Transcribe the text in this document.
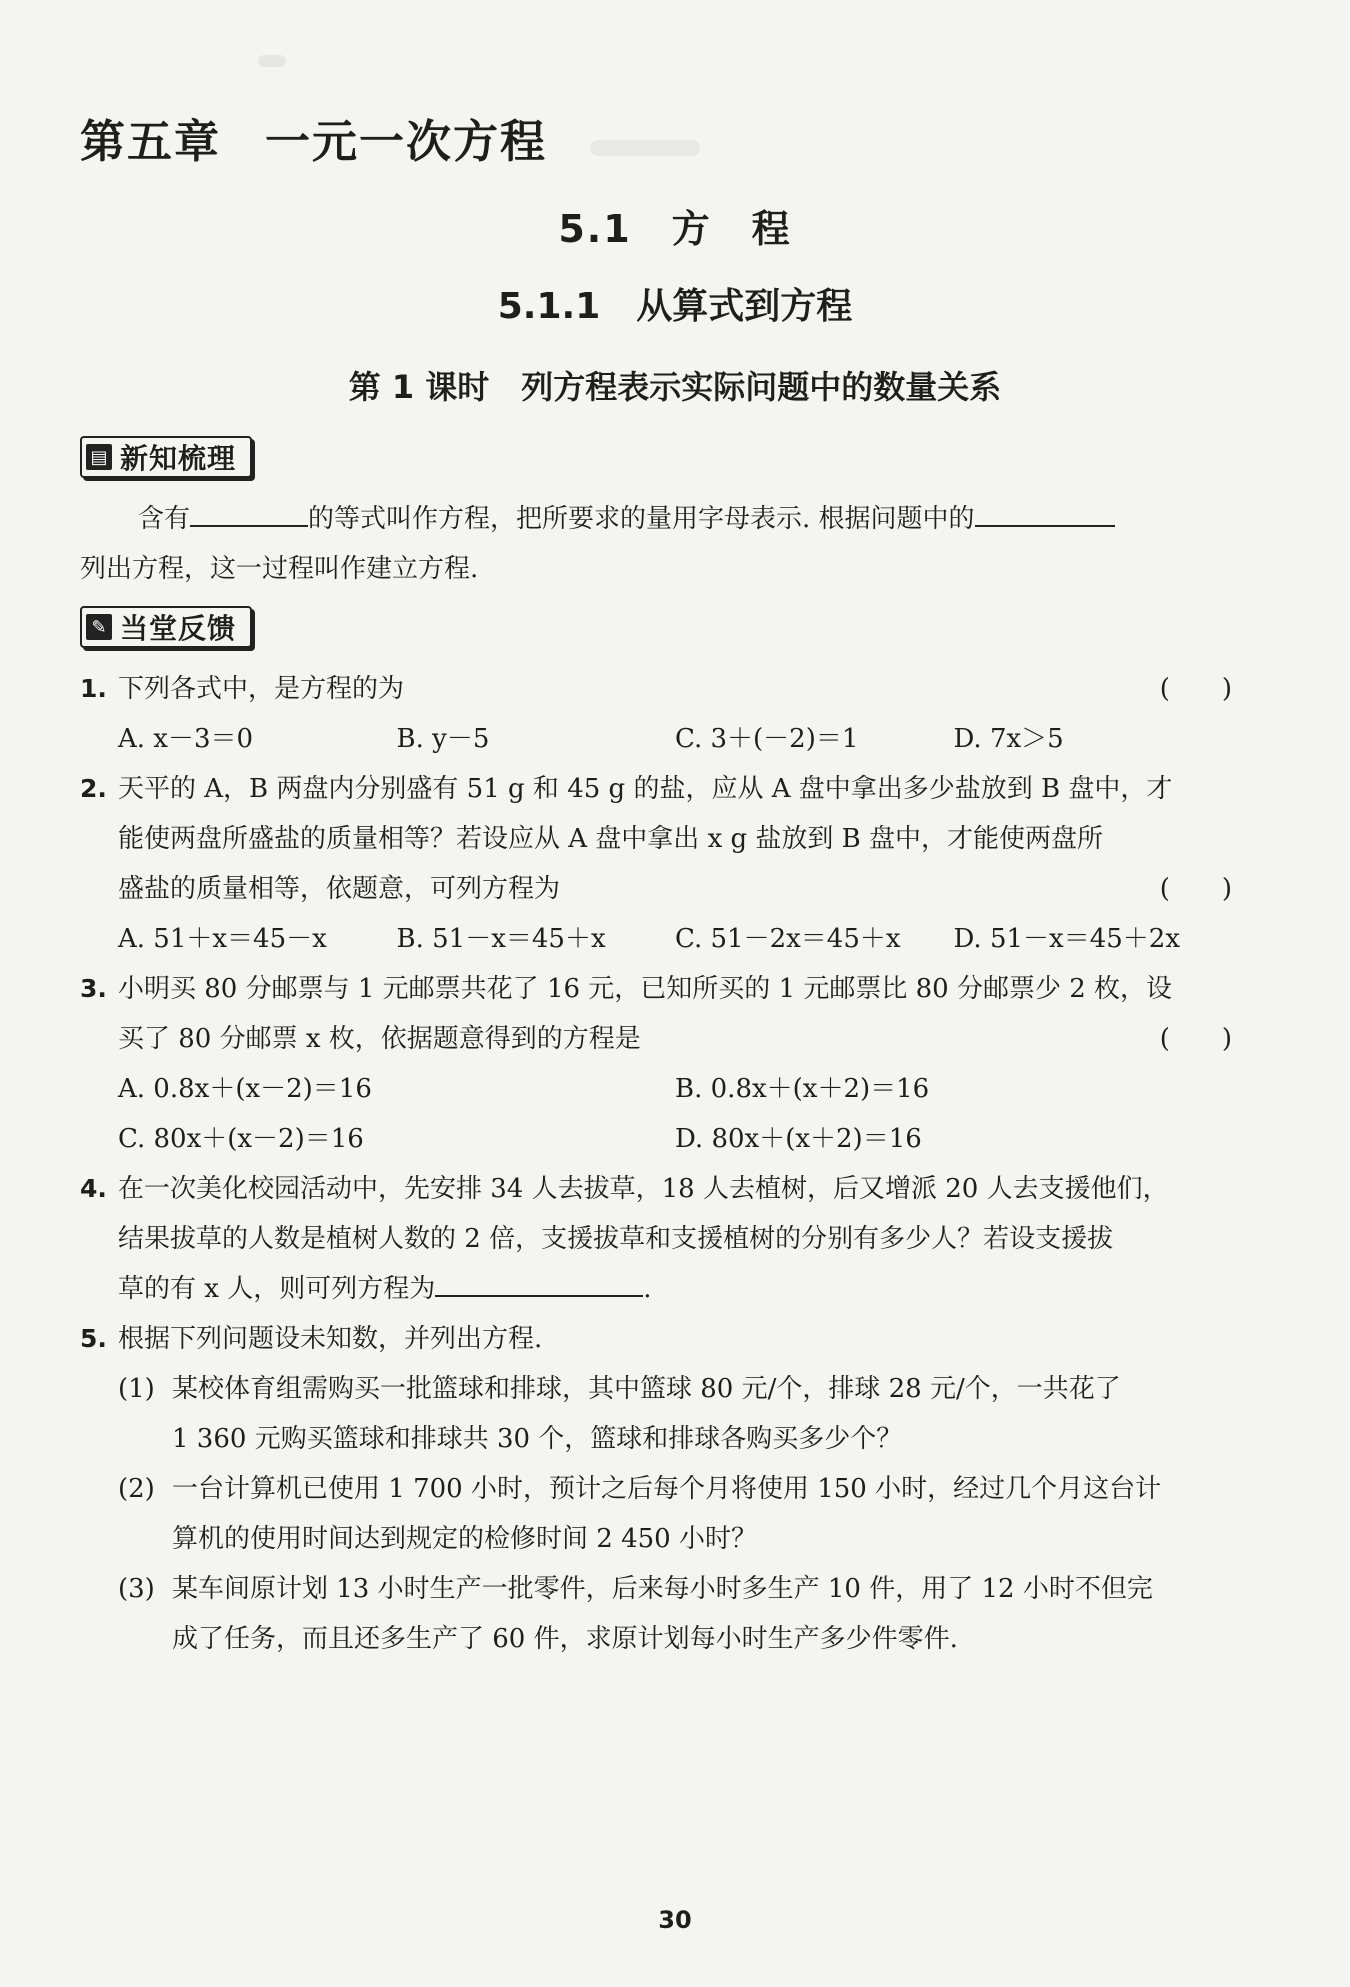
第五章 一元一次方程
5.1　方　程
5.1.1　从算式到方程
第 1 课时　列方程表示实际问题中的数量关系
▤ 新知梳理
含有	的等式叫作方程，把所要求的量用字母表示. 根据问题中的
列出方程，这一过程叫作建立方程.
✎ 当堂反馈
1. 下列各式中，是方程的为	(　　)
A. x－3＝0	B. y－5	C. 3＋(－2)＝1	D. 7x＞5
2. 天平的 A，B 两盘内分别盛有 51 g 和 45 g 的盐，应从 A 盘中拿出多少盐放到 B 盘中，才
能使两盘所盛盐的质量相等？若设应从 A 盘中拿出 x g 盐放到 B 盘中，才能使两盘所
盛盐的质量相等，依题意，可列方程为	(　　)
A. 51＋x＝45－x	B. 51－x＝45＋x	C. 51－2x＝45＋x	D. 51－x＝45＋2x
3. 小明买 80 分邮票与 1 元邮票共花了 16 元，已知所买的 1 元邮票比 80 分邮票少 2 枚，设
买了 80 分邮票 x 枚，依据题意得到的方程是	(　　)
A. 0.8x＋(x－2)＝16	B. 0.8x＋(x＋2)＝16
C. 80x＋(x－2)＝16	D. 80x＋(x＋2)＝16
4. 在一次美化校园活动中，先安排 34 人去拔草，18 人去植树，后又增派 20 人去支援他们，
结果拔草的人数是植树人数的 2 倍，支援拔草和支援植树的分别有多少人？若设支援拔
草的有 x 人，则可列方程为	.
5. 根据下列问题设未知数，并列出方程.
(1) 某校体育组需购买一批篮球和排球，其中篮球 80 元/个，排球 28 元/个，一共花了
1 360 元购买篮球和排球共 30 个，篮球和排球各购买多少个？
(2) 一台计算机已使用 1 700 小时，预计之后每个月将使用 150 小时，经过几个月这台计
算机的使用时间达到规定的检修时间 2 450 小时？
(3) 某车间原计划 13 小时生产一批零件，后来每小时多生产 10 件，用了 12 小时不但完
成了任务，而且还多生产了 60 件，求原计划每小时生产多少件零件.
30
